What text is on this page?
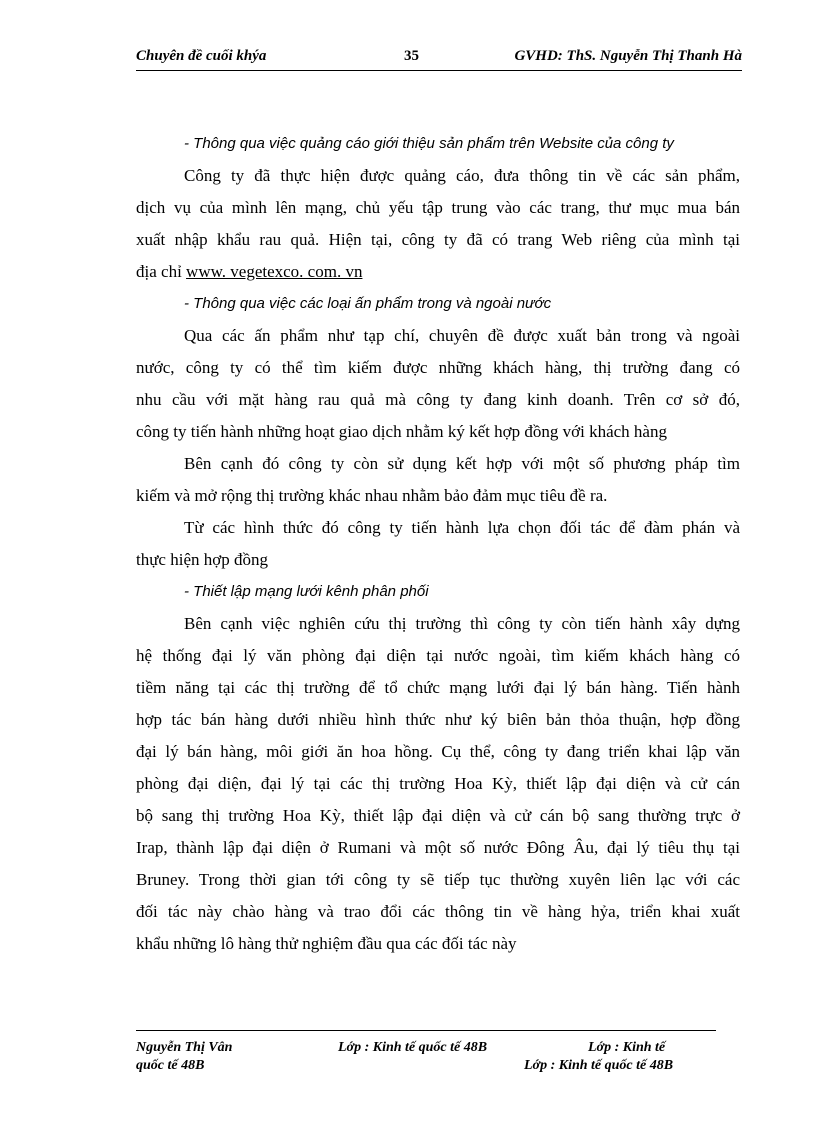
Chuyên đề cuối khýa	35	GVHD: ThS. Nguyễn Thị Thanh Hà
- Thông qua việc quảng cáo giới thiệu sản phẩm trên Website của công ty
Công ty đã thực hiện được quảng cáo, đưa thông tin về các sản phẩm,
dịch vụ của mình lên mạng, chủ yếu tập trung vào các trang, thư mục mua bán
xuất nhập khẩu rau quả. Hiện tại, công ty đã có trang Web riêng của mình tại
địa chỉ www. vegetexco. com. vn
- Thông qua việc các loại ấn phẩm trong và ngoài nước
Qua các ấn phẩm như tạp chí, chuyên đề được xuất bản trong và ngoài
nước, công ty có thể tìm kiếm được những khách hàng, thị trường đang có
nhu cầu với mặt hàng rau quả mà công ty đang kinh doanh. Trên cơ sở đó,
công ty tiến hành những hoạt giao dịch nhằm ký kết hợp đồng với khách hàng
Bên cạnh đó công ty còn sử dụng kết hợp với một số phương pháp tìm
kiếm và mở rộng thị trường khác nhau nhằm bảo đảm mục tiêu đề ra.
Từ các hình thức đó công ty tiến hành lựa chọn đối tác để đàm phán và
thực hiện hợp đồng
- Thiết lập mạng lưới kênh phân phối
Bên cạnh việc nghiên cứu thị trường thì công ty còn tiến hành xây dựng
hệ thống đại lý văn phòng đại diện tại nước ngoài, tìm kiếm khách hàng có
tiềm năng tại các thị trường để tổ chức mạng lưới đại lý bán hàng. Tiến hành
hợp tác bán hàng dưới nhiều hình thức như ký biên bản thỏa thuận, hợp đồng
đại lý bán hàng, môi giới ăn hoa hồng. Cụ thể, công ty đang triển khai lập văn
phòng đại diện, đại lý tại các thị trường Hoa Kỳ, thiết lập đại diện và cử cán
bộ sang thị trường Hoa Kỳ, thiết lập đại diện và cử cán bộ sang thường trực ở
Irap, thành lập đại diện ở Rumani và một số nước Đông Âu, đại lý tiêu thụ tại
Bruney. Trong thời gian tới công ty sẽ tiếp tục thường xuyên liên lạc với các
đối tác này chào hàng và trao đổi các thông tin về hàng hỷa, triển khai xuất
khẩu những lô hàng thử nghiệm đầu qua các đối tác này
Nguyễn Thị Vân	Lớp : Kinh tế quốc tế 48B	Lớp : Kinh tế
quốc tế 48B	Lớp : Kinh tế quốc tế 48B
